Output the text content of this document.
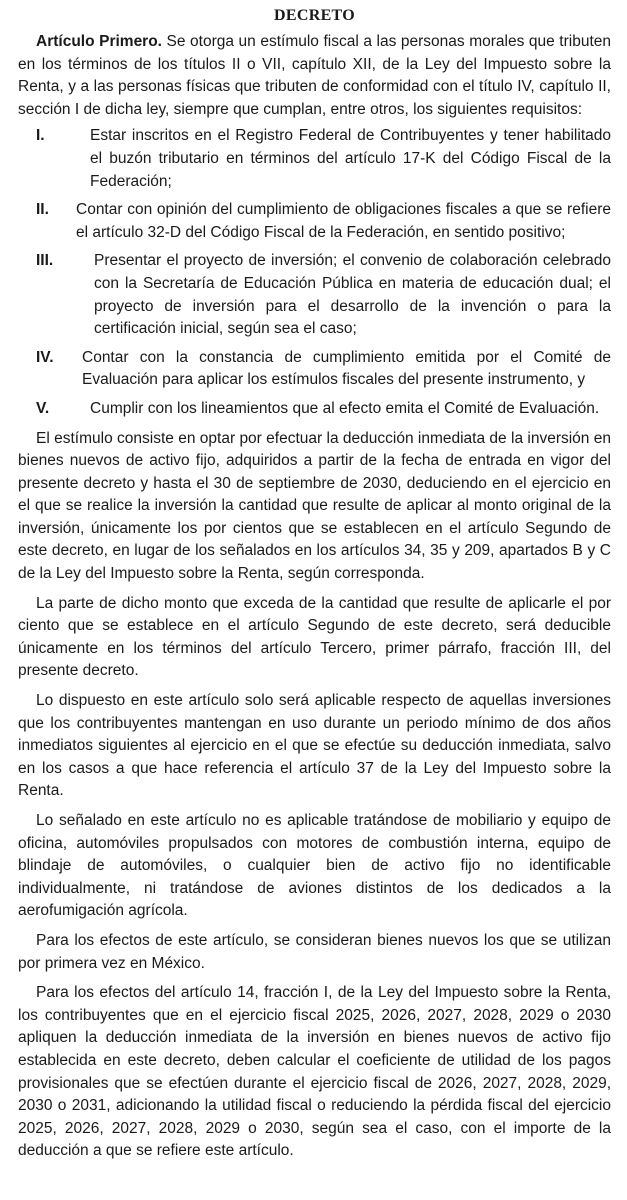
DECRETO

Artículo Primero. Se otorga un estímulo fiscal a las personas morales que tributen en los términos de los títulos II o VII, capítulo XII, de la Ley del Impuesto sobre la Renta, y a las personas físicas que tributen de conformidad con el título IV, capítulo II, sección I de dicha ley, siempre que cumplan, entre otros, los siguientes requisitos:

I.	Estar inscritos en el Registro Federal de Contribuyentes y tener habilitado el buzón tributario en términos del artículo 17-K del Código Fiscal de la Federación;
II.	Contar con opinión del cumplimiento de obligaciones fiscales a que se refiere el artículo 32-D del Código Fiscal de la Federación, en sentido positivo;
III.	Presentar el proyecto de inversión; el convenio de colaboración celebrado con la Secretaría de Educación Pública en materia de educación dual; el proyecto de inversión para el desarrollo de la invención o para la certificación inicial, según sea el caso;
IV.	Contar con la constancia de cumplimiento emitida por el Comité de Evaluación para aplicar los estímulos fiscales del presente instrumento, y
V.	Cumplir con los lineamientos que al efecto emita el Comité de Evaluación.

El estímulo consiste en optar por efectuar la deducción inmediata de la inversión en bienes nuevos de activo fijo, adquiridos a partir de la fecha de entrada en vigor del presente decreto y hasta el 30 de septiembre de 2030, deduciendo en el ejercicio en el que se realice la inversión la cantidad que resulte de aplicar al monto original de la inversión, únicamente los por cientos que se establecen en el artículo Segundo de este decreto, en lugar de los señalados en los artículos 34, 35 y 209, apartados B y C de la Ley del Impuesto sobre la Renta, según corresponda.

La parte de dicho monto que exceda de la cantidad que resulte de aplicarle el por ciento que se establece en el artículo Segundo de este decreto, será deducible únicamente en los términos del artículo Tercero, primer párrafo, fracción III, del presente decreto.

Lo dispuesto en este artículo solo será aplicable respecto de aquellas inversiones que los contribuyentes mantengan en uso durante un periodo mínimo de dos años inmediatos siguientes al ejercicio en el que se efectúe su deducción inmediata, salvo en los casos a que hace referencia el artículo 37 de la Ley del Impuesto sobre la Renta.

Lo señalado en este artículo no es aplicable tratándose de mobiliario y equipo de oficina, automóviles propulsados con motores de combustión interna, equipo de blindaje de automóviles, o cualquier bien de activo fijo no identificable individualmente, ni tratándose de aviones distintos de los dedicados a la aerofumigación agrícola.

Para los efectos de este artículo, se consideran bienes nuevos los que se utilizan por primera vez en México.

Para los efectos del artículo 14, fracción I, de la Ley del Impuesto sobre la Renta, los contribuyentes que en el ejercicio fiscal 2025, 2026, 2027, 2028, 2029 o 2030 apliquen la deducción inmediata de la inversión en bienes nuevos de activo fijo establecida en este decreto, deben calcular el coeficiente de utilidad de los pagos provisionales que se efectúen durante el ejercicio fiscal de 2026, 2027, 2028, 2029, 2030 o 2031, adicionando la utilidad fiscal o reduciendo la pérdida fiscal del ejercicio 2025, 2026, 2027, 2028, 2029 o 2030, según sea el caso, con el importe de la deducción a que se refiere este artículo.
